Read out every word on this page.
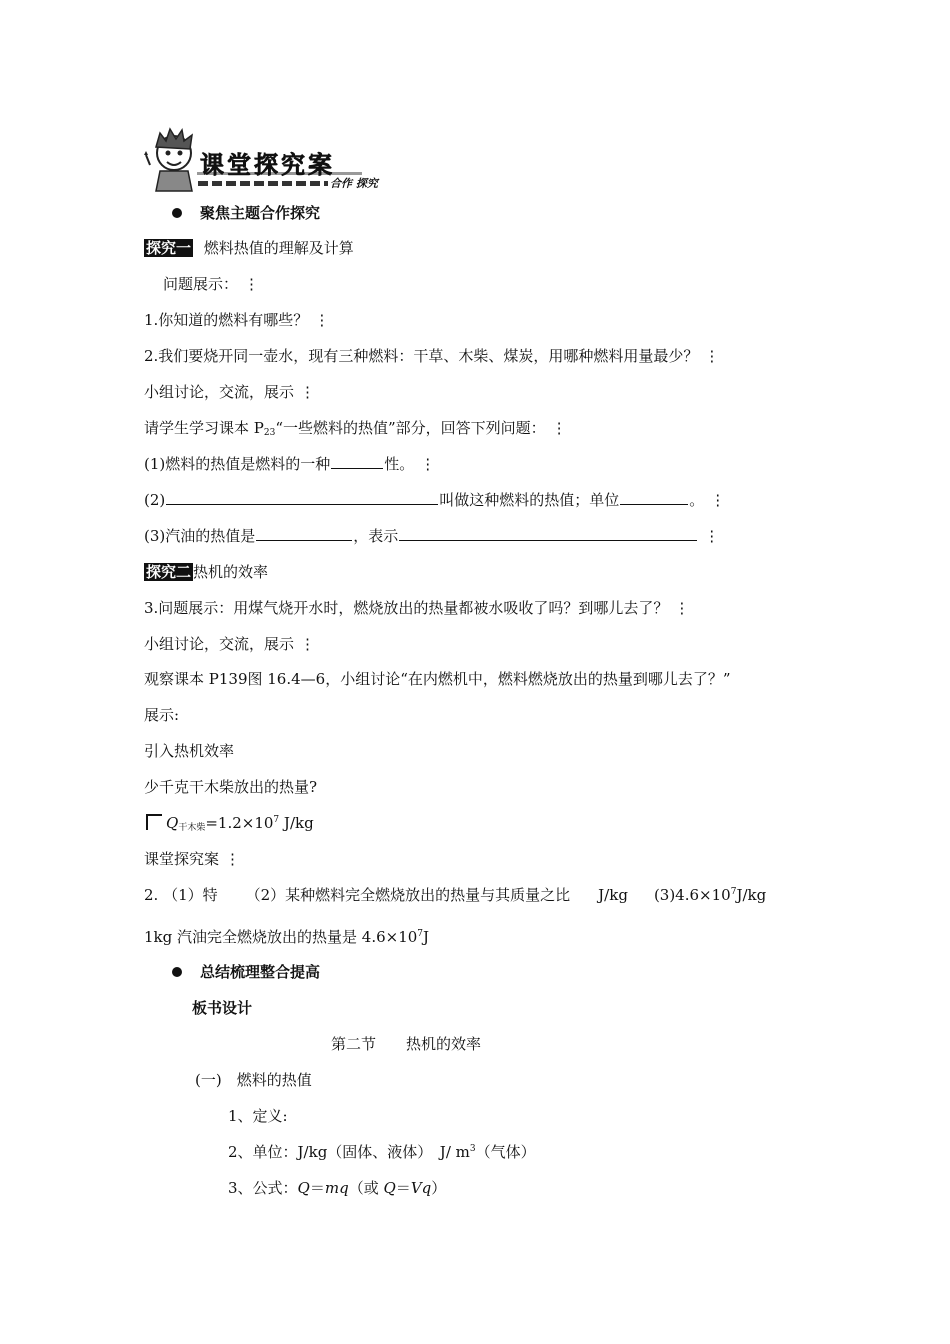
课堂探究案
合作 探究
聚焦主题合作探究
探究一 燃料热值的理解及计算
问题展示： ⋮
1.你知道的燃料有哪些？ ⋮
2.我们要烧开同一壶水，现有三种燃料：干草、木柴、煤炭，用哪种燃料用量最少？ ⋮
小组讨论，交流，展示 ⋮
请学生学习课本 $P_{23}“$一些燃料的热值”部分，回答下列问题： ⋮
(1)燃料的热值是燃料的一种	性。 ⋮
(2)	叫做这种燃料的热值；单位	。 ⋮
(3)汽油的热值是	，表示	⋮
探究二 热机的效率
3.问题展示：用煤气烧开水时，燃烧放出的热量都被水吸收了吗？到哪儿去了？ ⋮
小组讨论，交流，展示 ⋮
观察课本 P139图 16.4—6，小组讨论“在内燃机中，燃料燃烧放出的热量到哪儿去了？”
展示:
引入热机效率
少千克干木柴放出的热量?
$Q_{干木柴}=1.2\times 10^7$ J/kg
课堂探究案 ⋮
2. （1）特 （2）某种燃料完全燃烧放出的热量与其质量之比 J/kg $(3)4.6\times 10^7J/kg$
1kg 汽油完全燃烧放出的热量是 $4.6\times 10^7J$
总结梳理整合提高
板书设计
第二节　　热机的效率
(一)　燃料的热值
1、定义:
2、单位：J/kg（固体、液体）　J/ $m^3$（气体）
3、公式：Q＝mq（或 Q＝Vq）
